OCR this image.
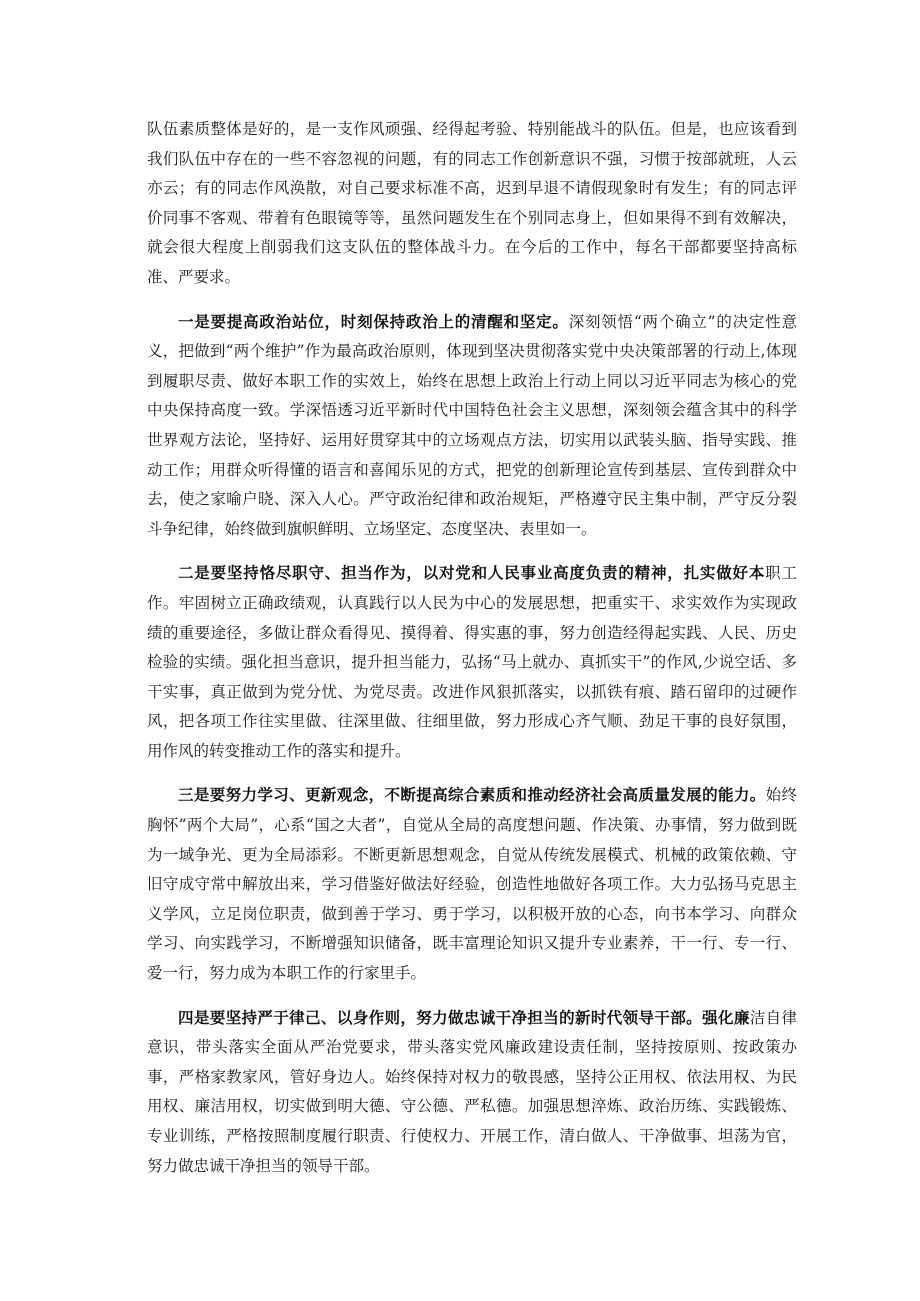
队伍素质整体是好的，是一支作风顽强、经得起考验、特别能战斗的队伍。但是，也应该看到我们队伍中存在的一些不容忽视的问题，有的同志工作创新意识不强，习惯于按部就班，人云亦云；有的同志作风涣散，对自己要求标准不高，迟到早退不请假现象时有发生；有的同志评价同事不客观、带着有色眼镜等等，虽然问题发生在个别同志身上，但如果得不到有效解决，就会很大程度上削弱我们这支队伍的整体战斗力。在今后的工作中，每名干部都要坚持高标准、严要求。

一是要提高政治站位，时刻保持政治上的清醒和坚定。深刻领悟“两个确立”的决定性意义，把做到“两个维护”作为最高政治原则，体现到坚决贯彻落实党中央决策部署的行动上,体现到履职尽责、做好本职工作的实效上，始终在思想上政治上行动上同以习近平同志为核心的党中央保持高度一致。学深悟透习近平新时代中国特色社会主义思想，深刻领会蕴含其中的科学世界观方法论，坚持好、运用好贯穿其中的立场观点方法，切实用以武装头脑、指导实践、推动工作；用群众听得懂的语言和喜闻乐见的方式，把党的创新理论宣传到基层、宣传到群众中去，使之家喻户晓、深入人心。严守政治纪律和政治规矩，严格遵守民主集中制，严守反分裂斗争纪律，始终做到旗帜鲜明、立场坚定、态度坚决、表里如一。

二是要坚持恪尽职守、担当作为，以对党和人民事业高度负责的精神，扎实做好本职工作。牢固树立正确政绩观，认真践行以人民为中心的发展思想，把重实干、求实效作为实现政绩的重要途径，多做让群众看得见、摸得着、得实惠的事，努力创造经得起实践、人民、历史检验的实绩。强化担当意识，提升担当能力，弘扬“马上就办、真抓实干”的作风,少说空话、多干实事，真正做到为党分忧、为党尽责。改进作风狠抓落实，以抓铁有痕、踏石留印的过硬作风，把各项工作往实里做、往深里做、往细里做，努力形成心齐气顺、劲足干事的良好氛围，用作风的转变推动工作的落实和提升。

三是要努力学习、更新观念，不断提高综合素质和推动经济社会高质量发展的能力。始终胸怀“两个大局”，心系“国之大者”，自觉从全局的高度想问题、作决策、办事情，努力做到既为一域争光、更为全局添彩。不断更新思想观念，自觉从传统发展模式、机械的政策依赖、守旧守成守常中解放出来，学习借鉴好做法好经验，创造性地做好各项工作。大力弘扬马克思主义学风，立足岗位职责，做到善于学习、勇于学习，以积极开放的心态，向书本学习、向群众学习、向实践学习，不断增强知识储备，既丰富理论知识又提升专业素养，干一行、专一行、爱一行，努力成为本职工作的行家里手。

四是要坚持严于律己、以身作则，努力做忠诚干净担当的新时代领导干部。强化廉洁自律意识，带头落实全面从严治党要求，带头落实党风廉政建设责任制，坚持按原则、按政策办事，严格家教家风，管好身边人。始终保持对权力的敬畏感，坚持公正用权、依法用权、为民用权、廉洁用权，切实做到明大德、守公德、严私德。加强思想淬炼、政治历练、实践锻炼、专业训练，严格按照制度履行职责、行使权力、开展工作，清白做人、干净做事、坦荡为官，努力做忠诚干净担当的领导干部。
